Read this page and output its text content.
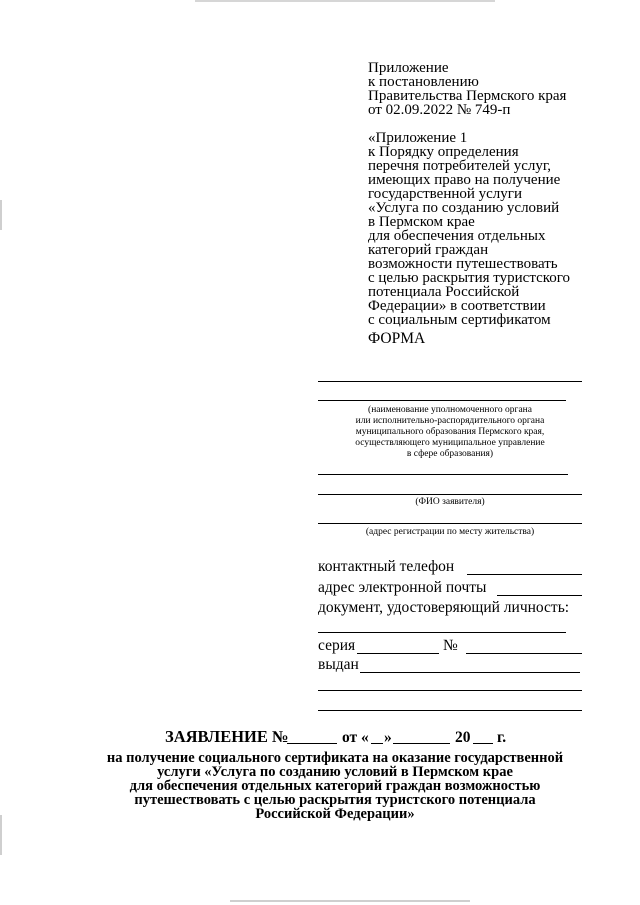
Приложение
к постановлению
Правительства Пермского края
от 02.09.2022 № 749-п
«Приложение 1
к Порядку определения
перечня потребителей услуг,
имеющих право на получение
государственной услуги
«Услуга по созданию условий
в Пермском крае
для обеспечения отдельных
категорий граждан
возможности путешествовать
с целью раскрытия туристского
потенциала Российской
Федерации» в соответствии
с социальным сертификатом
ФОРМА
(наименование уполномоченного органа
или исполнительно-распорядительного органа
муниципального образования Пермского края,
осуществляющего муниципальное управление
в сфере образования)
(ФИО заявителя)
(адрес регистрации по месту жительства)
контактный телефон
адрес электронной почты
документ, удостоверяющий личность:
серия	№
выдан
ЗАЯВЛЕНИЕ №	от « »	20 г.
на получение социального сертификата на оказание государственной
услуги «Услуга по созданию условий в Пермском крае
для обеспечения отдельных категорий граждан возможностью
путешествовать с целью раскрытия туристского потенциала
Российской Федерации»
